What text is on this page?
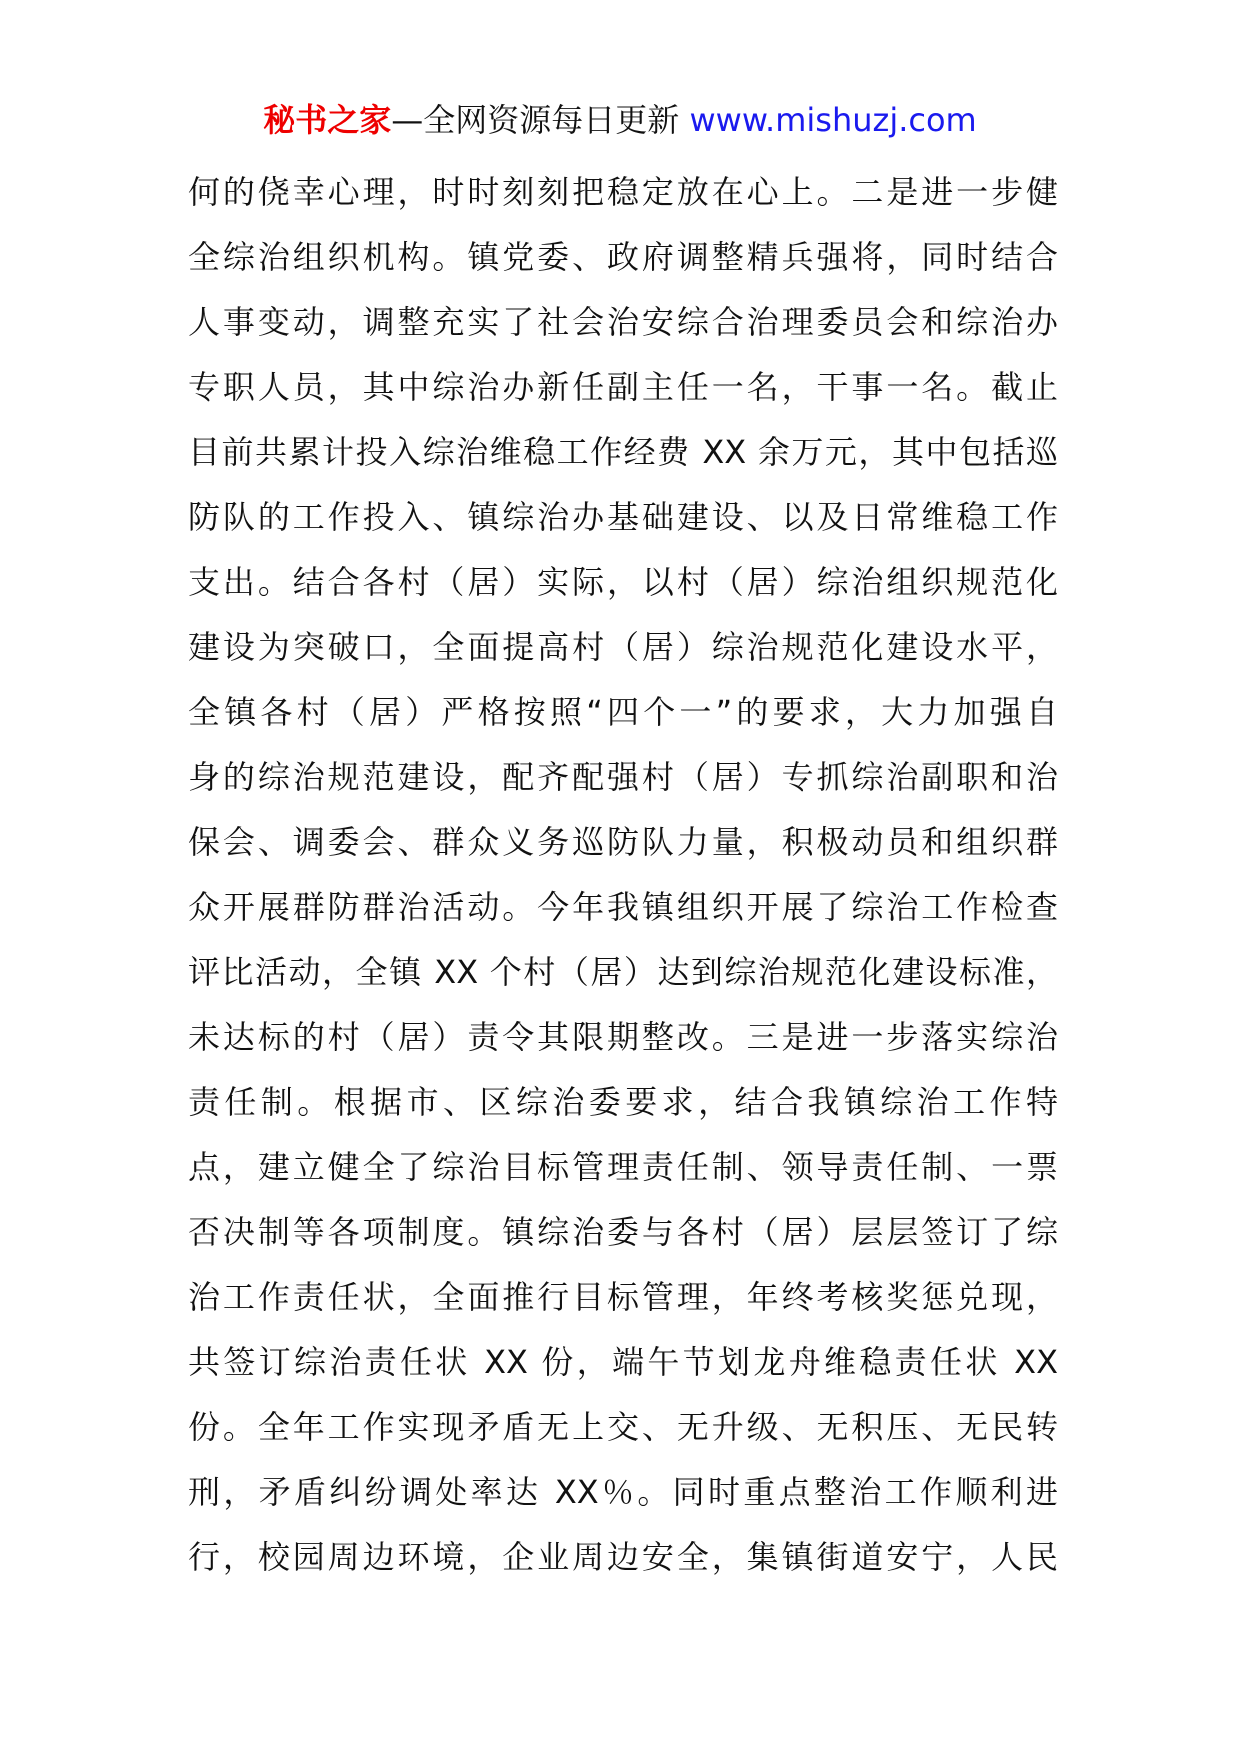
秘书之家—全网资源每日更新 www.mishuzj.com
何的侥幸心理，时时刻刻把稳定放在心上。二是进一步健
全综治组织机构。镇党委、政府调整精兵强将，同时结合
人事变动，调整充实了社会治安综合治理委员会和综治办
专职人员，其中综治办新任副主任一名，干事一名。截止
目前共累计投入综治维稳工作经费 XX 余万元，其中包括巡
防队的工作投入、镇综治办基础建设、以及日常维稳工作
支出。结合各村（居）实际，以村（居）综治组织规范化
建设为突破口，全面提高村（居）综治规范化建设水平，
全镇各村（居）严格按照“四个一”的要求，大力加强自
身的综治规范建设，配齐配强村（居）专抓综治副职和治
保会、调委会、群众义务巡防队力量，积极动员和组织群
众开展群防群治活动。今年我镇组织开展了综治工作检查
评比活动，全镇 XX 个村（居）达到综治规范化建设标准，
未达标的村（居）责令其限期整改。三是进一步落实综治
责任制。根据市、区综治委要求，结合我镇综治工作特
点，建立健全了综治目标管理责任制、领导责任制、一票
否决制等各项制度。镇综治委与各村（居）层层签订了综
治工作责任状，全面推行目标管理，年终考核奖惩兑现，
共签订综治责任状 XX 份，端午节划龙舟维稳责任状 XX
份。全年工作实现矛盾无上交、无升级、无积压、无民转
刑，矛盾纠纷调处率达 XX％。同时重点整治工作顺利进
行，校园周边环境，企业周边安全，集镇街道安宁，人民
